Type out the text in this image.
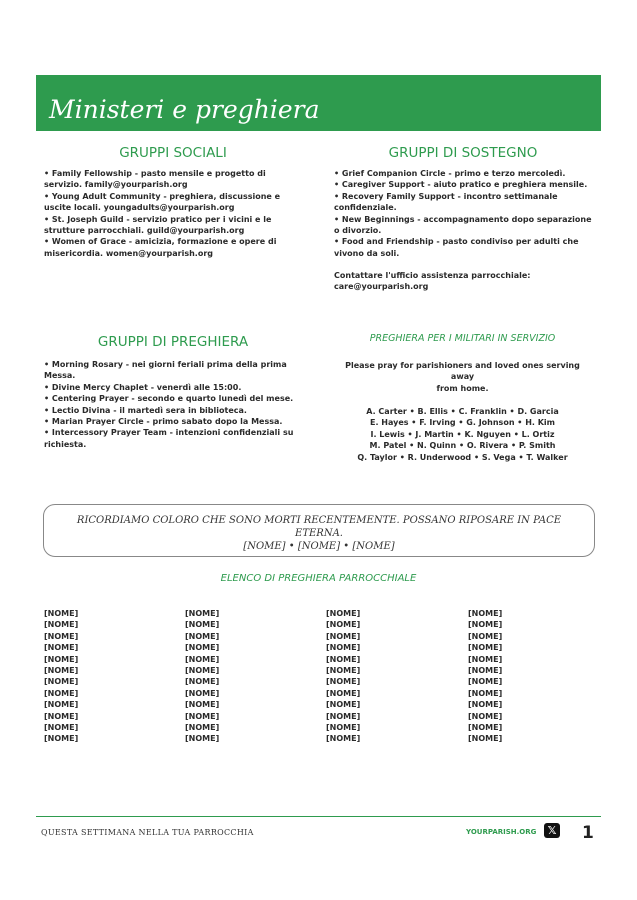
Ministeri e preghiera
GRUPPI SOCIALI
• Family Fellowship - pasto mensile e progetto di
servizio. family@yourparish.org
• Young Adult Community - preghiera, discussione e
uscite locali. youngadults@yourparish.org
• St. Joseph Guild - servizio pratico per i vicini e le
strutture parrocchiali. guild@yourparish.org
• Women of Grace - amicizia, formazione e opere di
misericordia. women@yourparish.org
GRUPPI DI SOSTEGNO
• Grief Companion Circle - primo e terzo mercoledì.
• Caregiver Support - aiuto pratico e preghiera mensile.
• Recovery Family Support - incontro settimanale
confidenziale.
• New Beginnings - accompagnamento dopo separazione
o divorzio.
• Food and Friendship - pasto condiviso per adulti che
vivono da soli.
Contattare l'ufficio assistenza parrocchiale:
care@yourparish.org
GRUPPI DI PREGHIERA
• Morning Rosary - nei giorni feriali prima della prima
Messa.
• Divine Mercy Chaplet - venerdì alle 15:00.
• Centering Prayer - secondo e quarto lunedì del mese.
• Lectio Divina - il martedì sera in biblioteca.
• Marian Prayer Circle - primo sabato dopo la Messa.
• Intercessory Prayer Team - intenzioni confidenziali su
richiesta.
PREGHIERA PER I MILITARI IN SERVIZIO
Please pray for parishioners and loved ones serving
away
from home.
A. Carter • B. Ellis • C. Franklin • D. Garcia
E. Hayes • F. Irving • G. Johnson • H. Kim
I. Lewis • J. Martin • K. Nguyen • L. Ortiz
M. Patel • N. Quinn • O. Rivera • P. Smith
Q. Taylor • R. Underwood • S. Vega • T. Walker
RICORDIAMO COLORO CHE SONO MORTI RECENTEMENTE. POSSANO RIPOSARE IN PACE
ETERNA.
[NOME] • [NOME] • [NOME]
ELENCO DI PREGHIERA PARROCCHIALE
[NOME]
[NOME]
[NOME]
[NOME]
[NOME]
[NOME]
[NOME]
[NOME]
[NOME]
[NOME]
[NOME]
[NOME]
[NOME]
[NOME]
[NOME]
[NOME]
[NOME]
[NOME]
[NOME]
[NOME]
[NOME]
[NOME]
[NOME]
[NOME]
[NOME]
[NOME]
[NOME]
[NOME]
[NOME]
[NOME]
[NOME]
[NOME]
[NOME]
[NOME]
[NOME]
[NOME]
[NOME]
[NOME]
[NOME]
[NOME]
[NOME]
[NOME]
[NOME]
[NOME]
[NOME]
[NOME]
[NOME]
[NOME]
QUESTA SETTIMANA NELLA TUA PARROCCHIA	YOURPARISH.ORG	𝕏 1
